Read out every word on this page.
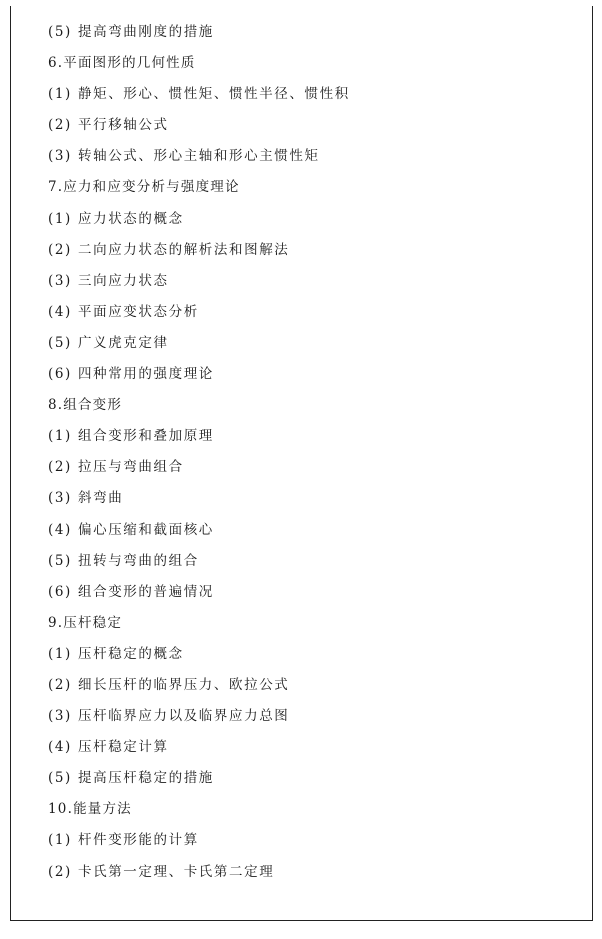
(5) 提高弯曲刚度的措施
6.平面图形的几何性质
(1) 静矩、形心、惯性矩、惯性半径、惯性积
(2) 平行移轴公式
(3) 转轴公式、形心主轴和形心主惯性矩
7.应力和应变分析与强度理论
(1) 应力状态的概念
(2) 二向应力状态的解析法和图解法
(3) 三向应力状态
(4) 平面应变状态分析
(5) 广义虎克定律
(6) 四种常用的强度理论
8.组合变形
(1) 组合变形和叠加原理
(2) 拉压与弯曲组合
(3) 斜弯曲
(4) 偏心压缩和截面核心
(5) 扭转与弯曲的组合
(6) 组合变形的普遍情况
9.压杆稳定
(1) 压杆稳定的概念
(2) 细长压杆的临界压力、欧拉公式
(3) 压杆临界应力以及临界应力总图
(4) 压杆稳定计算
(5) 提高压杆稳定的措施
10.能量方法
(1) 杆件变形能的计算
(2) 卡氏第一定理、卡氏第二定理
